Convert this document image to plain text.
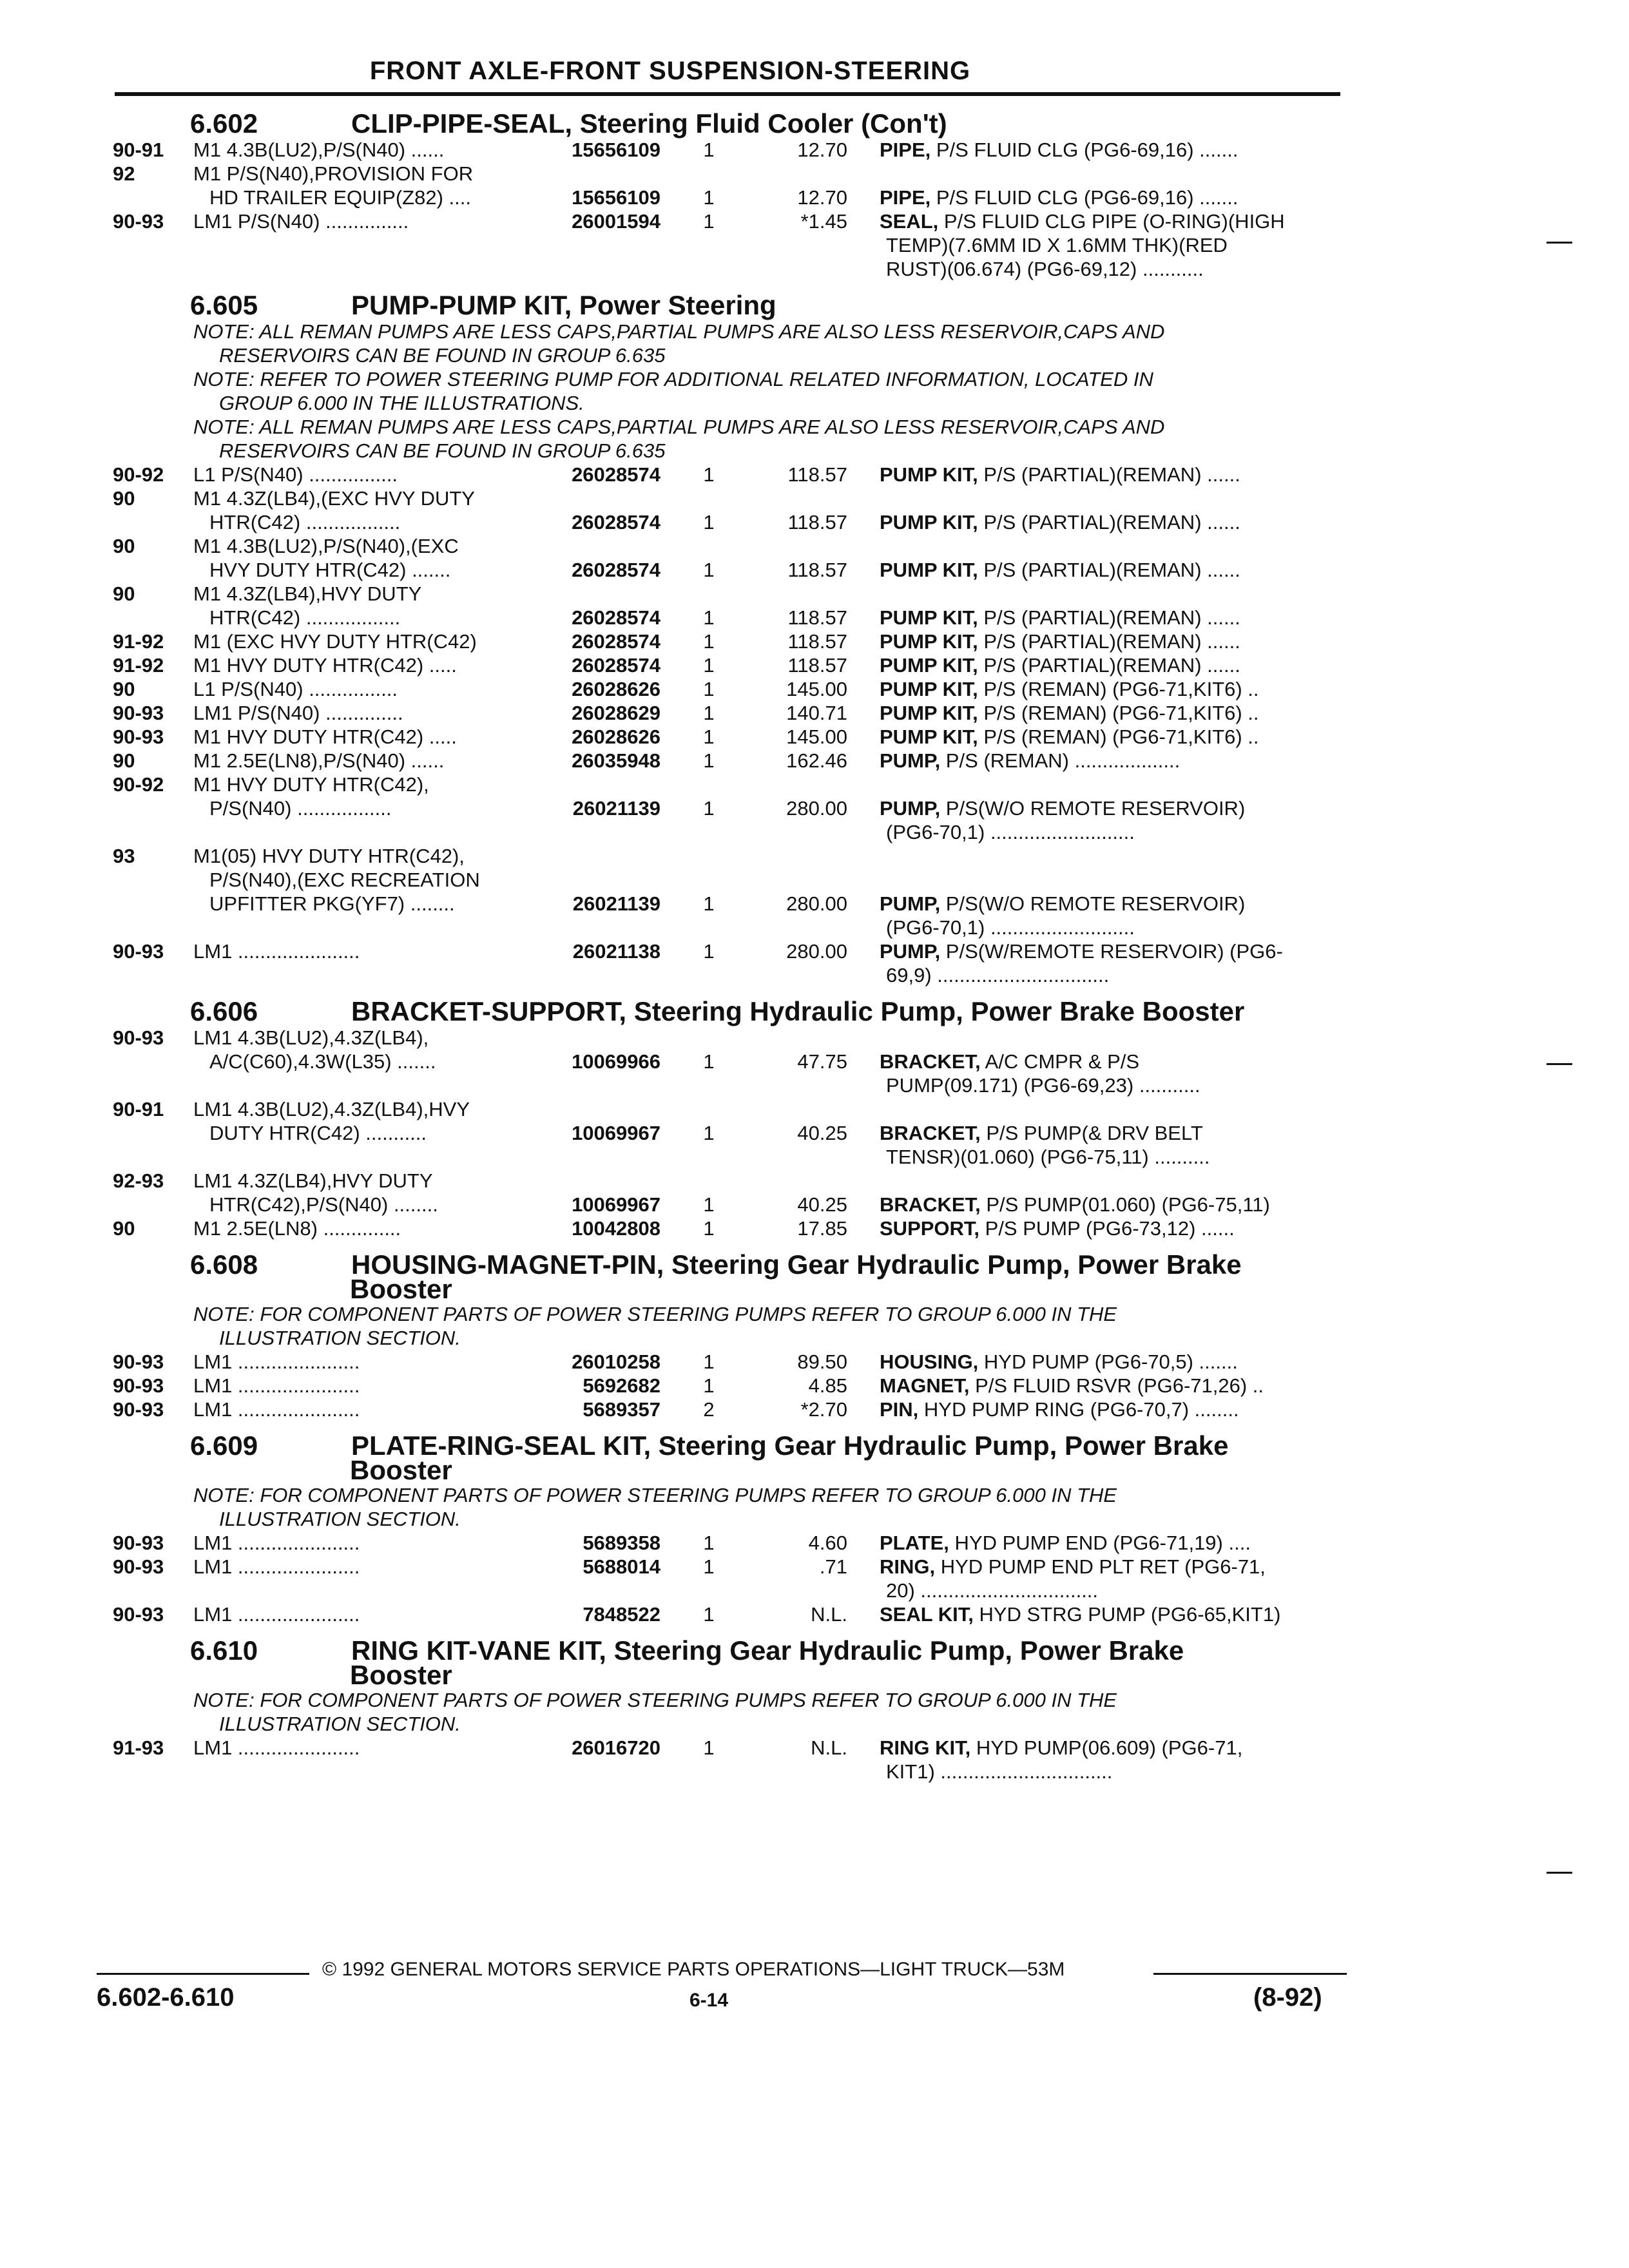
FRONT AXLE-FRONT SUSPENSION-STEERING
6.602	CLIP-PIPE-SEAL, Steering Fluid Cooler (Con't)
90-91 M1 4.3B(LU2),P/S(N40) ......	15656109 1	12.70 PIPE, P/S FLUID CLG (PG6-69,16) .......
92	M1 P/S(N40),PROVISION FOR
HD TRAILER EQUIP(Z82) ....	15656109 1	12.70 PIPE, P/S FLUID CLG (PG6-69,16) .......
90-93 LM1 P/S(N40) ...............	26001594 1	*1.45 SEAL, P/S FLUID CLG PIPE (O-RING)(HIGH
TEMP)(7.6MM ID X 1.6MM THK)(RED
RUST)(06.674) (PG6-69,12) ...........
6.605	PUMP-PUMP KIT, Power Steering
NOTE: ALL REMAN PUMPS ARE LESS CAPS,PARTIAL PUMPS ARE ALSO LESS RESERVOIR,CAPS AND
RESERVOIRS CAN BE FOUND IN GROUP 6.635
NOTE: REFER TO POWER STEERING PUMP FOR ADDITIONAL RELATED INFORMATION, LOCATED IN
GROUP 6.000 IN THE ILLUSTRATIONS.
NOTE: ALL REMAN PUMPS ARE LESS CAPS,PARTIAL PUMPS ARE ALSO LESS RESERVOIR,CAPS AND
RESERVOIRS CAN BE FOUND IN GROUP 6.635
90-92 L1 P/S(N40) ................	26028574 1	118.57 PUMP KIT, P/S (PARTIAL)(REMAN) ......
90	M1 4.3Z(LB4),(EXC HVY DUTY
HTR(C42) .................	26028574 1	118.57 PUMP KIT, P/S (PARTIAL)(REMAN) ......
90	M1 4.3B(LU2),P/S(N40),(EXC
HVY DUTY HTR(C42) .......	26028574 1	118.57 PUMP KIT, P/S (PARTIAL)(REMAN) ......
90	M1 4.3Z(LB4),HVY DUTY
HTR(C42) .................	26028574 1	118.57 PUMP KIT, P/S (PARTIAL)(REMAN) ......
91-92 M1 (EXC HVY DUTY HTR(C42)	26028574 1	118.57 PUMP KIT, P/S (PARTIAL)(REMAN) ......
91-92 M1 HVY DUTY HTR(C42) .....	26028574 1	118.57 PUMP KIT, P/S (PARTIAL)(REMAN) ......
90	L1 P/S(N40) ................	26028626 1	145.00 PUMP KIT, P/S (REMAN) (PG6-71,KIT6) ..
90-93 LM1 P/S(N40) ..............	26028629 1	140.71 PUMP KIT, P/S (REMAN) (PG6-71,KIT6) ..
90-93 M1 HVY DUTY HTR(C42) .....	26028626 1	145.00 PUMP KIT, P/S (REMAN) (PG6-71,KIT6) ..
90	M1 2.5E(LN8),P/S(N40) ......	26035948 1	162.46 PUMP, P/S (REMAN) ...................
90-92 M1 HVY DUTY HTR(C42),
P/S(N40) .................	26021139 1	280.00 PUMP, P/S(W/O REMOTE RESERVOIR)
(PG6-70,1) ..........................
93	M1(05) HVY DUTY HTR(C42),
P/S(N40),(EXC RECREATION
UPFITTER PKG(YF7) ........	26021139 1	280.00 PUMP, P/S(W/O REMOTE RESERVOIR)
(PG6-70,1) ..........................
90-93 LM1 ......................	26021138 1	280.00 PUMP, P/S(W/REMOTE RESERVOIR) (PG6-
69,9) ...............................
6.606	BRACKET-SUPPORT, Steering Hydraulic Pump, Power Brake Booster
90-93 LM1 4.3B(LU2),4.3Z(LB4),
A/C(C60),4.3W(L35) .......	10069966 1	47.75 BRACKET, A/C CMPR & P/S
PUMP(09.171) (PG6-69,23) ...........
90-91 LM1 4.3B(LU2),4.3Z(LB4),HVY
DUTY HTR(C42) ...........	10069967 1	40.25 BRACKET, P/S PUMP(& DRV BELT
TENSR)(01.060) (PG6-75,11) ..........
92-93 LM1 4.3Z(LB4),HVY DUTY
HTR(C42),P/S(N40) ........	10069967 1	40.25 BRACKET, P/S PUMP(01.060) (PG6-75,11)
90	M1 2.5E(LN8) ..............	10042808 1	17.85 SUPPORT, P/S PUMP (PG6-73,12) ......
6.608	HOUSING-MAGNET-PIN, Steering Gear Hydraulic Pump, Power Brake
Booster
NOTE: FOR COMPONENT PARTS OF POWER STEERING PUMPS REFER TO GROUP 6.000 IN THE
ILLUSTRATION SECTION.
90-93 LM1 ......................	26010258 1	89.50 HOUSING, HYD PUMP (PG6-70,5) .......
90-93 LM1 ......................	5692682 1	4.85 MAGNET, P/S FLUID RSVR (PG6-71,26) ..
90-93 LM1 ......................	5689357 2	*2.70 PIN, HYD PUMP RING (PG6-70,7) ........
6.609	PLATE-RING-SEAL KIT, Steering Gear Hydraulic Pump, Power Brake
Booster
NOTE: FOR COMPONENT PARTS OF POWER STEERING PUMPS REFER TO GROUP 6.000 IN THE
ILLUSTRATION SECTION.
90-93 LM1 ......................	5689358 1	4.60 PLATE, HYD PUMP END (PG6-71,19) ....
90-93 LM1 ......................	5688014 1	.71 RING, HYD PUMP END PLT RET (PG6-71,
20) ................................
90-93 LM1 ......................	7848522 1	N.L. SEAL KIT, HYD STRG PUMP (PG6-65,KIT1)
6.610	RING KIT-VANE KIT, Steering Gear Hydraulic Pump, Power Brake
Booster
NOTE: FOR COMPONENT PARTS OF POWER STEERING PUMPS REFER TO GROUP 6.000 IN THE
ILLUSTRATION SECTION.
91-93 LM1 ......................	26016720 1	N.L. RING KIT, HYD PUMP(06.609) (PG6-71,
KIT1) ...............................
© 1992 GENERAL MOTORS SERVICE PARTS OPERATIONS—LIGHT TRUCK—53M
6.602-6.610	6-14	(8-92)
